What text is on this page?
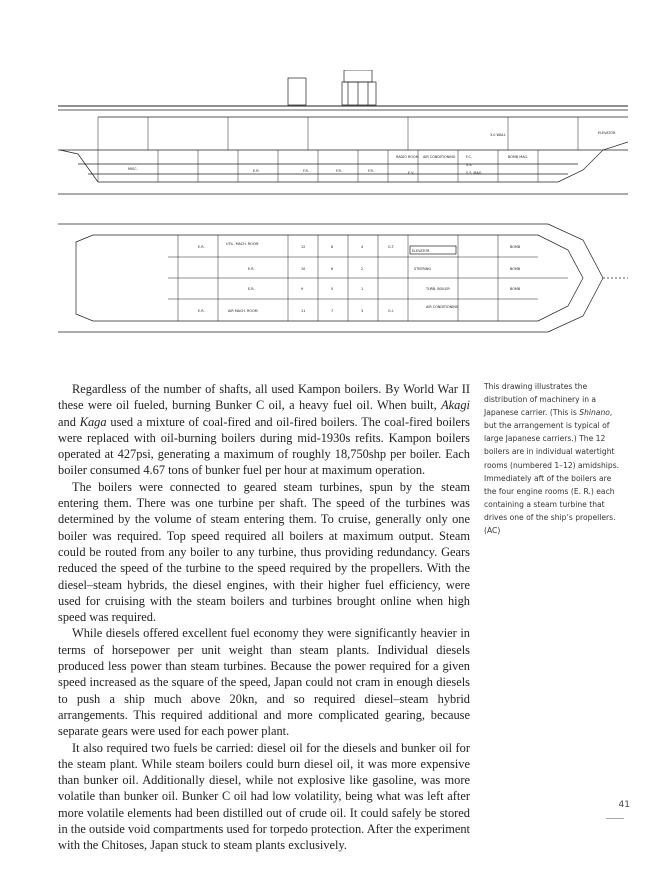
3.0 WALL	ELEVATOR
MISC.	E.R.	F.R.	F.R.	F.R.
RADIO ROOM AIR CONDITIONING
E.V.
F.C.
S.S.
BOMB MAG.
S.S. MAG.
E.R.
UTIL. MACH. ROOM
12	8	4	G.T.
ELEVATOR
BOMB
E.R.	10	6	2	STEERING
E.R.	9	5	1
BOMB
E.R.	AIR MACH. ROOM	11	7	3	G.I.
TURB. BOILER	BOMB
AIR CONDITIONING

Regardless of the number of shafts, all used Kampon boilers. By World War II these were oil fueled, burning Bunker C oil, a heavy fuel oil. When built, Akagi and Kaga used a mixture of coal-fired and oil-fired boilers. The coal-fired boilers were replaced with oil-burning boilers during mid-1930s refits. Kampon boilers operated at 427psi, generating a maximum of roughly 18,750shp per boiler. Each boiler consumed 4.67 tons of bunker fuel per hour at maximum operation.

The boilers were connected to geared steam turbines, spun by the steam entering them. There was one turbine per shaft. The speed of the turbines was determined by the volume of steam entering them. To cruise, generally only one boiler was required. Top speed required all boilers at maximum output. Steam could be routed from any boiler to any turbine, thus providing redundancy. Gears reduced the speed of the turbine to the speed required by the propellers. With the diesel–steam hybrids, the diesel engines, with their higher fuel efficiency, were used for cruising with the steam boilers and turbines brought online when high speed was required.

While diesels offered excellent fuel economy they were significantly heavier in terms of horsepower per unit weight than steam plants. Individual diesels produced less power than steam turbines. Because the power required for a given speed increased as the square of the speed, Japan could not cram in enough diesels to push a ship much above 20kn, and so required diesel–steam hybrid arrangements. This required additional and more complicated gearing, because separate gears were used for each power plant.

It also required two fuels be carried: diesel oil for the diesels and bunker oil for the steam plant. While steam boilers could burn diesel oil, it was more expensive than bunker oil. Additionally diesel, while not explosive like gasoline, was more volatile than bunker oil. Bunker C oil had low volatility, being what was left after more volatile elements had been distilled out of crude oil. It could safely be stored in the outside void compartments used for torpedo protection. After the experiment with the Chitoses, Japan stuck to steam plants exclusively.

This drawing illustrates the distribution of machinery in a Japanese carrier. (This is Shinano, but the arrangement is typical of large Japanese carriers.) The 12 boilers are in individual watertight rooms (numbered 1–12) amidships. Immediately aft of the boilers are the four engine rooms (E. R.) each containing a steam turbine that drives one of the ship’s propellers. (AC)
41
